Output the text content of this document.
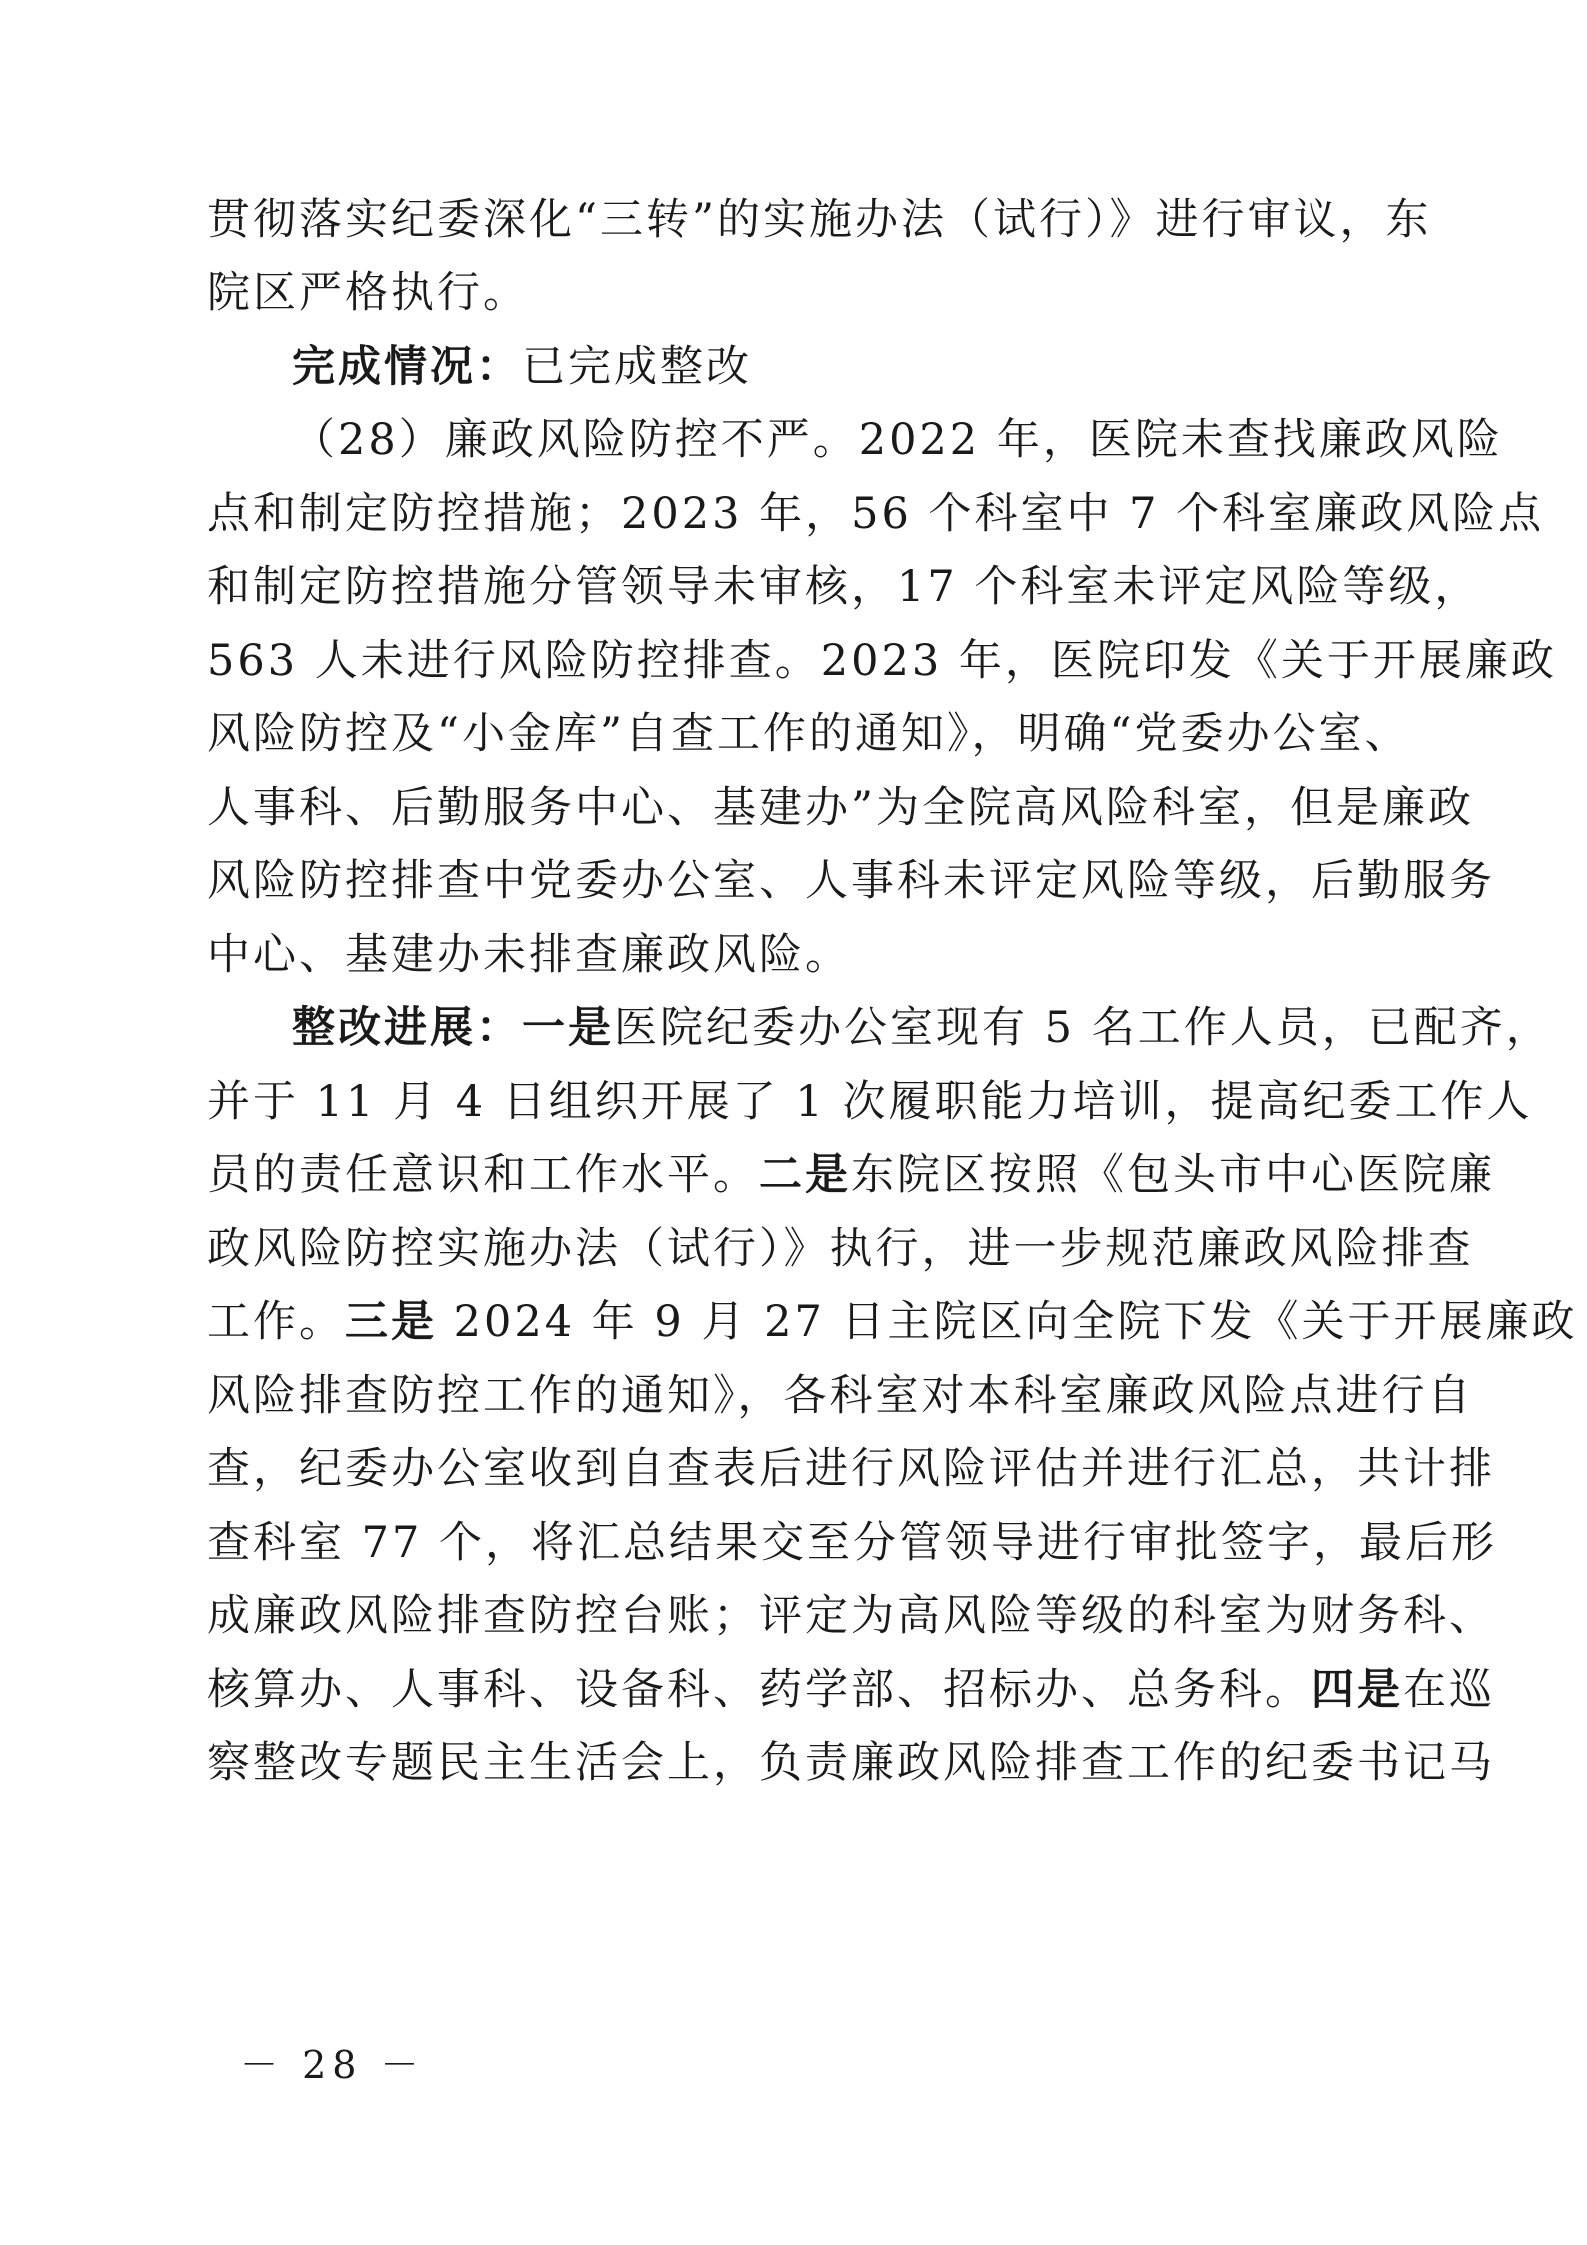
贯彻落实纪委深化“三转”的实施办法（试行）》进行审议，东
院区严格执行。
完成情况：已完成整改
（28）廉政风险防控不严。2022 年，医院未查找廉政风险
点和制定防控措施；2023 年，56 个科室中 7 个科室廉政风险点
和制定防控措施分管领导未审核，17 个科室未评定风险等级，
563 人未进行风险防控排查。2023 年，医院印发《关于开展廉政
风险防控及“小金库”自查工作的通知》，明确“党委办公室、
人事科、后勤服务中心、基建办”为全院高风险科室，但是廉政
风险防控排查中党委办公室、人事科未评定风险等级，后勤服务
中心、基建办未排查廉政风险。
整改进展：一是医院纪委办公室现有 5 名工作人员，已配齐，
并于 11 月 4 日组织开展了 1 次履职能力培训，提高纪委工作人
员的责任意识和工作水平。二是东院区按照《包头市中心医院廉
政风险防控实施办法（试行）》执行，进一步规范廉政风险排查
工作。三是 2024 年 9 月 27 日主院区向全院下发《关于开展廉政
风险排查防控工作的通知》，各科室对本科室廉政风险点进行自
查，纪委办公室收到自查表后进行风险评估并进行汇总，共计排
查科室 77 个，将汇总结果交至分管领导进行审批签字，最后形
成廉政风险排查防控台账；评定为高风险等级的科室为财务科、
核算办、人事科、设备科、药学部、招标办、总务科。四是在巡
察整改专题民主生活会上，负责廉政风险排查工作的纪委书记马
－ 28 －
